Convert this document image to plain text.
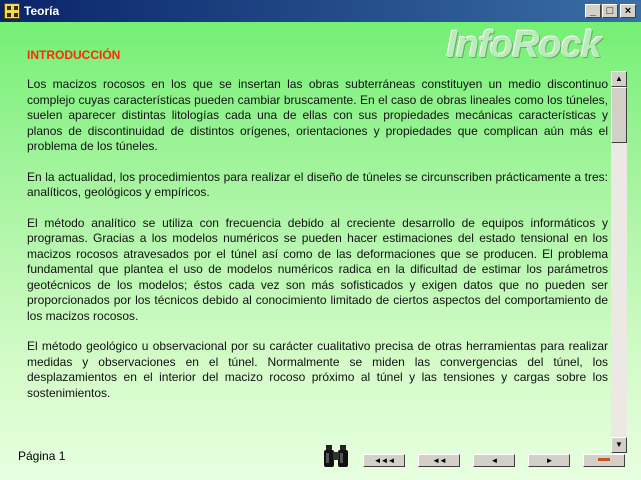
Teoría	_ □	×
InfoRock
INTRODUCCIÓN

Los macizos rocosos en los que se insertan las obras subterráneas constituyen un medio discontinuo complejo cuyas características pueden cambiar bruscamente. En el caso de obras lineales como los túneles, suelen aparecer distintas litologías cada una de ellas con sus propiedades mecánicas características y planos de discontinuidad de distintos orígenes, orientaciones y propiedades que complican aún más el problema de los túneles.

En la actualidad, los procedimientos para realizar el diseño de túneles se circunscriben prácticamente a tres: analíticos, geológicos y empíricos.

El método analítico se utiliza con frecuencia debido al creciente desarrollo de equipos informáticos y programas. Gracias a los modelos numéricos se pueden hacer estimaciones del estado tensional en los macizos rocosos atravesados por el túnel así como de las deformaciones que se producen. El problema fundamental que plantea el uso de modelos numéricos radica en la dificultad de estimar los parámetros geotécnicos de los modelos; éstos cada vez son más sofisticados y exigen datos que no pueden ser proporcionados por los técnicos debido al conocimiento limitado de ciertos aspectos del comportamiento de los macizos rocosos.

El método geológico u observacional por su carácter cualitativo precisa de otras herramientas para realizar medidas y observaciones en el túnel. Normalmente se miden las convergencias del túnel, los desplazamientos en el interior del macizo rocoso próximo al túnel y las tensiones y cargas sobre los sostenimientos.

▲
▼
Página 1	◄◄◄	◄◄	◄	►
